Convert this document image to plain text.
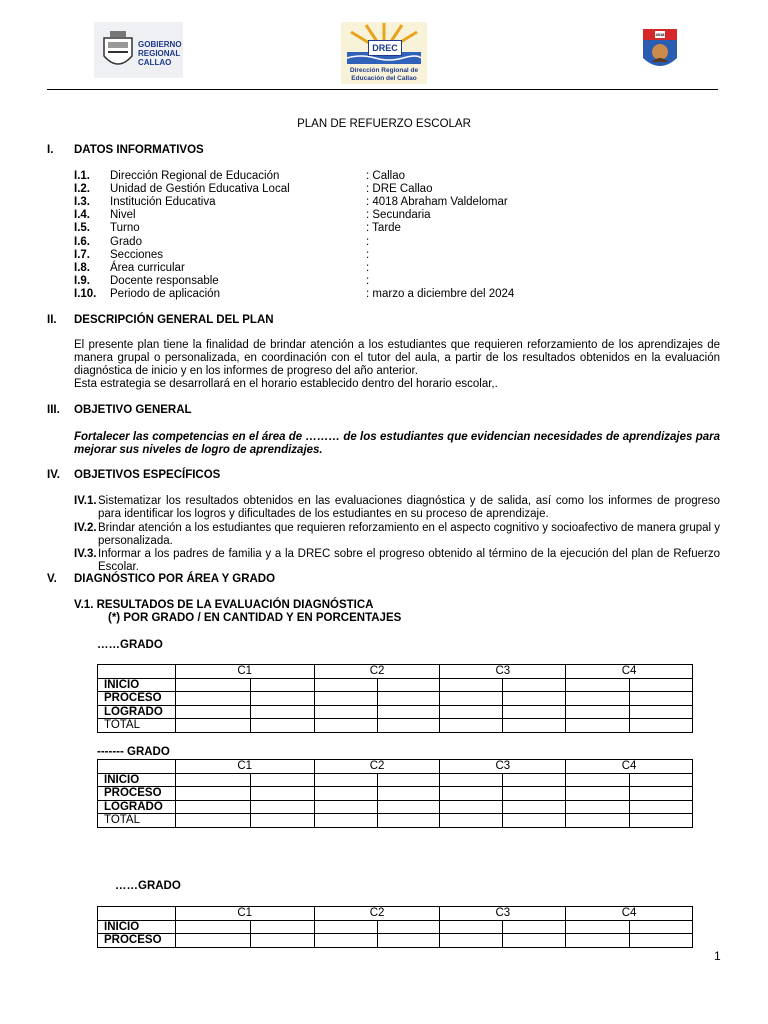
GOBIERNO
REGIONAL
CALLAO
DREC
Dirección Regional de
Educación del Callao
4018
PLAN DE REFUERZO ESCOLAR
I. DATOS INFORMATIVOS
I.1. Dirección Regional de Educación	: Callao
I.2. Unidad de Gestión Educativa Local	: DRE Callao
I.3. Institución Educativa	: 4018 Abraham Valdelomar
I.4. Nivel	: Secundaria
I.5. Turno	: Tarde
I.6. Grado	:
I.7. Secciones	:
I.8. Área curricular	:
I.9. Docente responsable	:
I.10. Periodo de aplicación	: marzo a diciembre del 2024
II. DESCRIPCIÓN GENERAL DEL PLAN
El presente plan tiene la finalidad de brindar atención a los estudiantes que requieren reforzamiento de los aprendizajes de manera grupal o personalizada, en coordinación con el tutor del aula, a partir de los resultados obtenidos en la evaluación diagnóstica de inicio y en los informes de progreso del año anterior.
Esta estrategia se desarrollará en el horario establecido dentro del horario escolar,.
III. OBJETIVO GENERAL
Fortalecer las competencias en el área de ……… de los estudiantes que evidencian necesidades de aprendizajes para mejorar sus niveles de logro de aprendizajes.
IV. OBJETIVOS ESPECÍFICOS
IV.1. Sistematizar los resultados obtenidos en las evaluaciones diagnóstica y de salida, así como los informes de progreso para identificar los logros y dificultades de los estudiantes en su proceso de aprendizaje.
IV.2. Brindar atención a los estudiantes que requieren reforzamiento en el aspecto cognitivo y socioafectivo de manera grupal y personalizada.
IV.3. Informar a los padres de familia y a la DREC sobre el progreso obtenido al término de la ejecución del plan de Refuerzo Escolar.
V. DIAGNÓSTICO POR ÁREA Y GRADO
V.1. RESULTADOS DE LA EVALUACIÓN DIAGNÓSTICA
(*) POR GRADO / EN CANTIDAD Y EN PORCENTAJES
……GRADO
	C1		C2		C3		C4	
INICIO								
PROCESO								
LOGRADO								
TOTAL								
------- GRADO
	C1		C2		C3		C4	
INICIO								
PROCESO								
LOGRADO								
TOTAL								
……GRADO
	C1		C2		C3		C4	
INICIO								
PROCESO								
1
